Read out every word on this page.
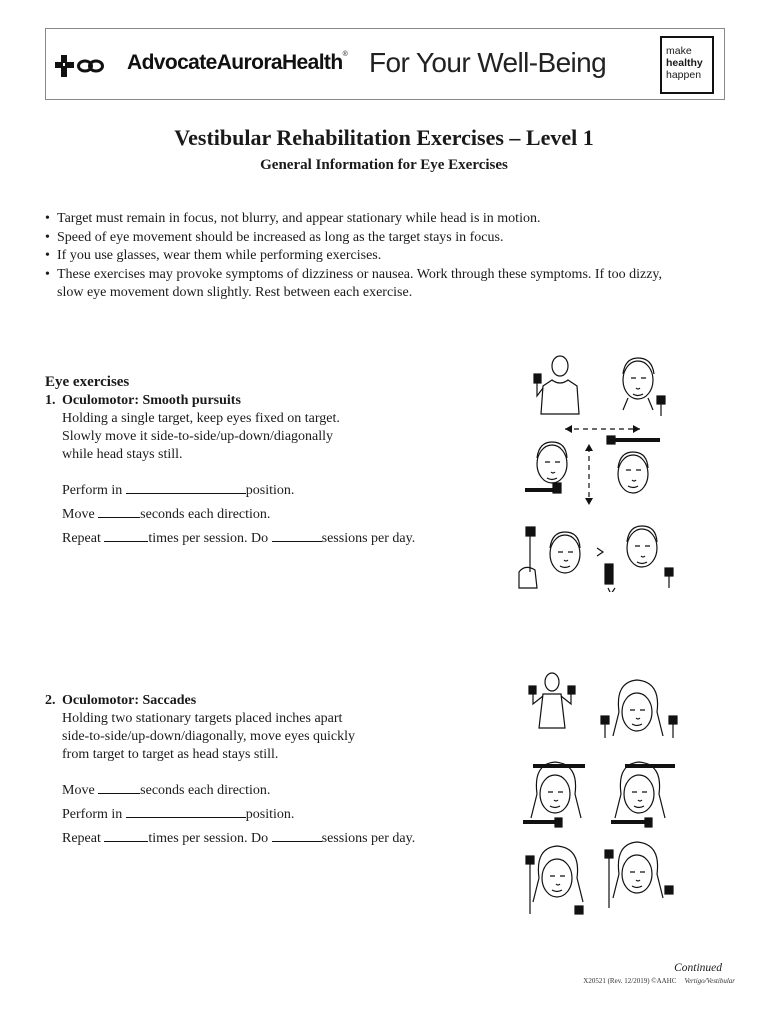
AdvocateAuroraHealth® For Your Well-Being	make
healthy
happen
Vestibular Rehabilitation Exercises – Level 1
General Information for Eye Exercises
• Target must remain in focus, not blurry, and appear stationary while head is in motion.
• Speed of eye movement should be increased as long as the target stays in focus.
• If you use glasses, wear them while performing exercises.
• These exercises may provoke symptoms of dizziness or nausea. Work through these symptoms. If too dizzy, slow eye movement down slightly. Rest between each exercise.
Eye exercises
1. Oculomotor: Smooth pursuits
Holding a single target, keep eyes fixed on target.
Slowly move it side-to-side/up-down/diagonally
while head stays still.
Perform in	position.
Move	seconds each direction.
Repeat	times per session. Do	sessions per day.
2. Oculomotor: Saccades
Holding two stationary targets placed inches apart
side-to-side/up-down/diagonally, move eyes quickly
from target to target as head stays still.
Move	seconds each direction.
Perform in	position.
Repeat	times per session. Do	sessions per day.
Continued
X20521 (Rev. 12/2019) ©AAHC Vertigo/Vestibular
